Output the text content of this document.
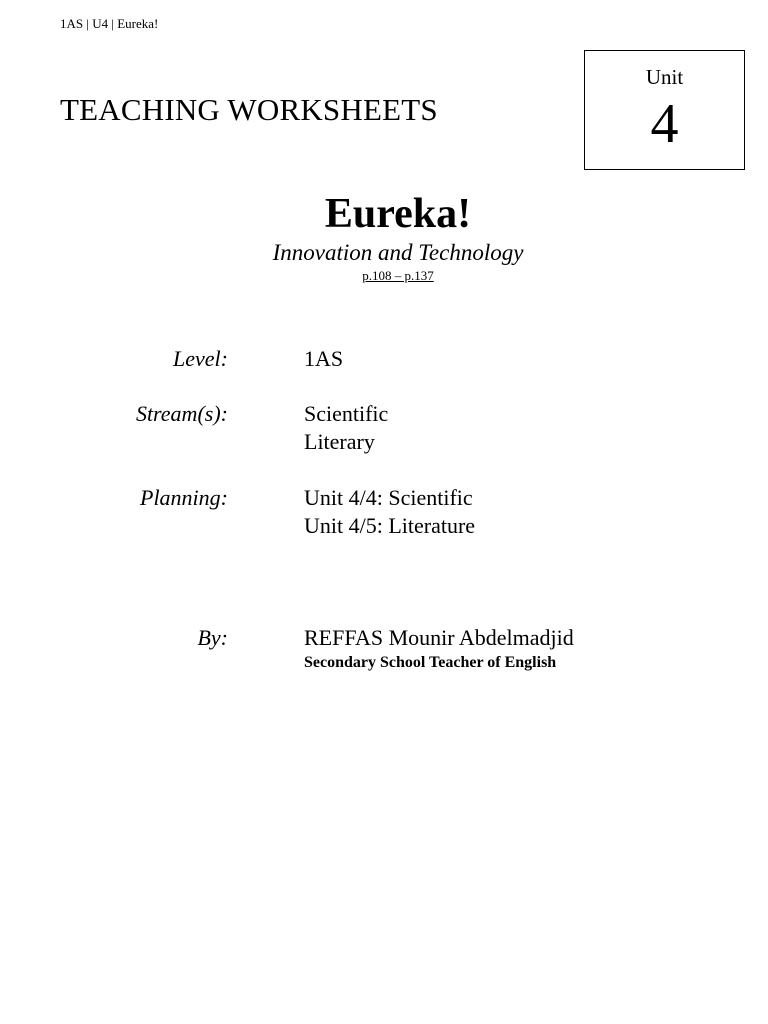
1AS | U4 | Eureka!
TEACHING WORKSHEETS
Unit
4
Eureka!
Innovation and Technology
p.108 – p.137
Level:	1AS
Stream(s):	Scientific
Literary
Planning:	Unit 4/4: Scientific
Unit 4/5: Literature
By:	REFFAS Mounir Abdelmadjid
Secondary School Teacher of English
